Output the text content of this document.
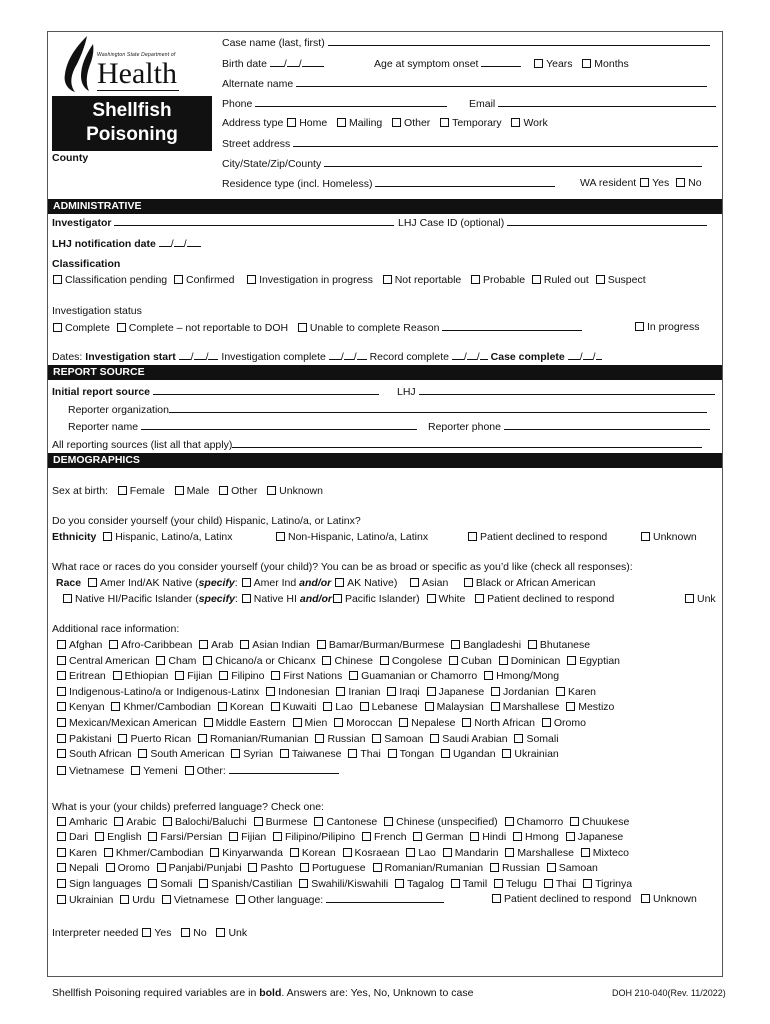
Washington State Department of
Health
Shellfish
Poisoning
County
Case name (last, first)
Birth date / /	Age at symptom onset	Years Months
Alternate name
Phone	Email
Address type Home Mailing Other Temporary Work
Street address
City/State/Zip/County
Residence type (incl. Homeless)	WA resident Yes No
ADMINISTRATIVE
Investigator	LHJ Case ID (optional)
LHJ notification date / /
Classification
Classification pending Confirmed Investigation in progress Not reportable Probable Ruled out Suspect
Investigation status
Complete Complete – not reportable to DOH Unable to complete Reason	In progress
Dates: Investigation start / / Investigation complete / / Record complete / / Case complete / /
REPORT SOURCE
Initial report source	LHJ
Reporter organization
Reporter name	Reporter phone
All reporting sources (list all that apply)
DEMOGRAPHICS
Sex at birth: Female Male Other Unknown
Do you consider yourself (your child) Hispanic, Latino/a, or Latinx?
Ethnicity Hispanic, Latino/a, Latinx	Non-Hispanic, Latino/a, Latinx	Patient declined to respond	Unknown
What race or races do you consider yourself (your child)? You can be as broad or specific as you’d like (check all responses):
Race Amer Ind/AK Native (specify: Amer Ind and/or AK Native) Asian	Black or African American
Native HI/Pacific Islander (specify: Native HI and/or Pacific Islander) White Patient declined to respond	Unk
Additional race information:
Afghan Afro-Caribbean Arab Asian Indian Bamar/Burman/Burmese Bangladeshi Bhutanese
Central American Cham Chicano/a or Chicanx Chinese Congolese Cuban Dominican Egyptian
Eritrean Ethiopian Fijian Filipino First Nations Guamanian or Chamorro Hmong/Mong
Indigenous-Latino/a or Indigenous-Latinx Indonesian Iranian Iraqi Japanese Jordanian Karen
Kenyan Khmer/Cambodian Korean Kuwaiti Lao Lebanese Malaysian Marshallese Mestizo
Mexican/Mexican American Middle Eastern Mien Moroccan Nepalese North African Oromo
Pakistani Puerto Rican Romanian/Rumanian Russian Samoan Saudi Arabian Somali
South African South American Syrian Taiwanese Thai Tongan Ugandan Ukrainian
Vietnamese Yemeni Other:
What is your (your childs) preferred language? Check one:
Amharic Arabic Balochi/Baluchi Burmese Cantonese Chinese (unspecified) Chamorro Chuukese
Dari English Farsi/Persian Fijian Filipino/Pilipino French German Hindi Hmong Japanese
Karen Khmer/Cambodian Kinyarwanda Korean Kosraean Lao Mandarin Marshallese Mixteco
Nepali Oromo Panjabi/Punjabi Pashto Portuguese Romanian/Rumanian Russian Samoan
Sign languages Somali Spanish/Castilian Swahili/Kiswahili Tagalog Tamil Telugu Thai Tigrinya
Ukrainian Urdu Vietnamese Other language:	Patient declined to respond Unknown
Interpreter needed Yes No Unk
Shellfish Poisoning required variables are in bold. Answers are: Yes, No, Unknown to case	DOH 210-040(Rev. 11/2022)
